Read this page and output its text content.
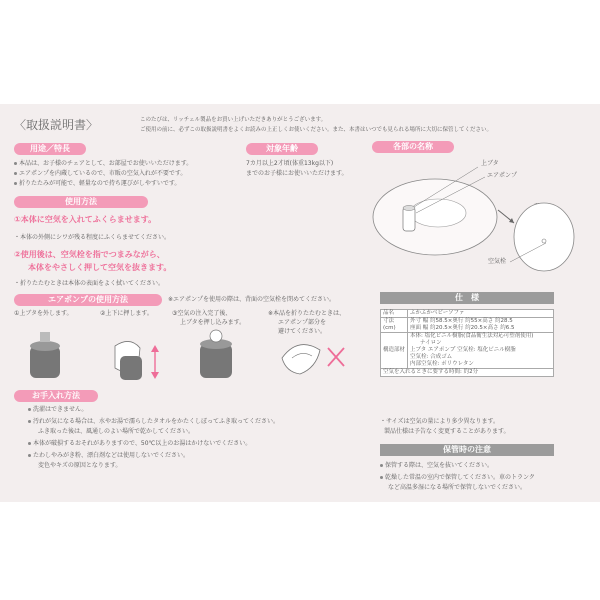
〈取扱説明書〉	このたびは、リッチェル製品をお買い上げいただきありがとうございます。
ご使用の前に、必ずこの取扱説明書をよくお読みの上正しくお使いください。また、本書はいつでも見られる場所に大切に保管してください。
用途／特長
本品は、お子様のチェアとして、お部屋でお使いいただけます。
エアポンプを内蔵しているので、市販の空気入れが不要です。
折りたたみが可能で、軽量なので持ち運びがしやすいです。
対象年齢
7カ月以上2才頃(体重13kg以下)
までのお子様にお使いいただけます。
各部の名称
上ブタ
エアポンプ
空気栓
使用方法
①本体に空気を入れてふくらませます。
・本体の外側にシワが残る程度にふくらませてください。
②使用後は、空気栓を指でつまみながら、
本体をやさしく押して空気を抜きます。
・折りたたむときは本体の表面をよく拭いてください。
エアポンプの使用方法	※エアポンプを使用の際は、背面の空気栓を閉めてください。
①上ブタを外します。	②上下に押します。	③空気の注入完了後、
上ブタを押し込みます。
※本品を折りたたむときは、
エアポンプ部分を
避けてください。
お手入れ方法
洗濯はできません。
汚れが気になる場合は、水やお湯で濡らしたタオルをかたくしぼってふき取ってください。
ふき取った後は、風通しのよい場所で乾かしてください。
本体が破損するおそれがありますので、50℃以上のお湯はかけないでください。
たわしやみがき粉、漂白剤などは使用しないでください。
変色やキズの原因となります。
仕　様
品名	ふかふかベビーソファ
寸法(cm)	外寸 幅 約58.5×奥行 約55×高さ 約28.5
座面 幅 約20.5×奥行 約20.5×高さ 約6.5

構造部材	本体: 塩化ビニル樹脂(食品衛生法対応可塑剤使用)
ナイロン
上ブタ エアポンプ 空気栓: 塩化ビニル樹脂
空気栓: 合成ゴム
内部空気栓: ポリウレタン

空気を入れるときに要する時間: 約2分	
・サイズは空気の量により多少異なります。
製品仕様は予告なく変更することがあります。
保管時の注意
保管する際は、空気を抜いてください。
乾燥した常温の室内で保管してください。車のトランク
など高温多湿になる場所で保管しないでください。
